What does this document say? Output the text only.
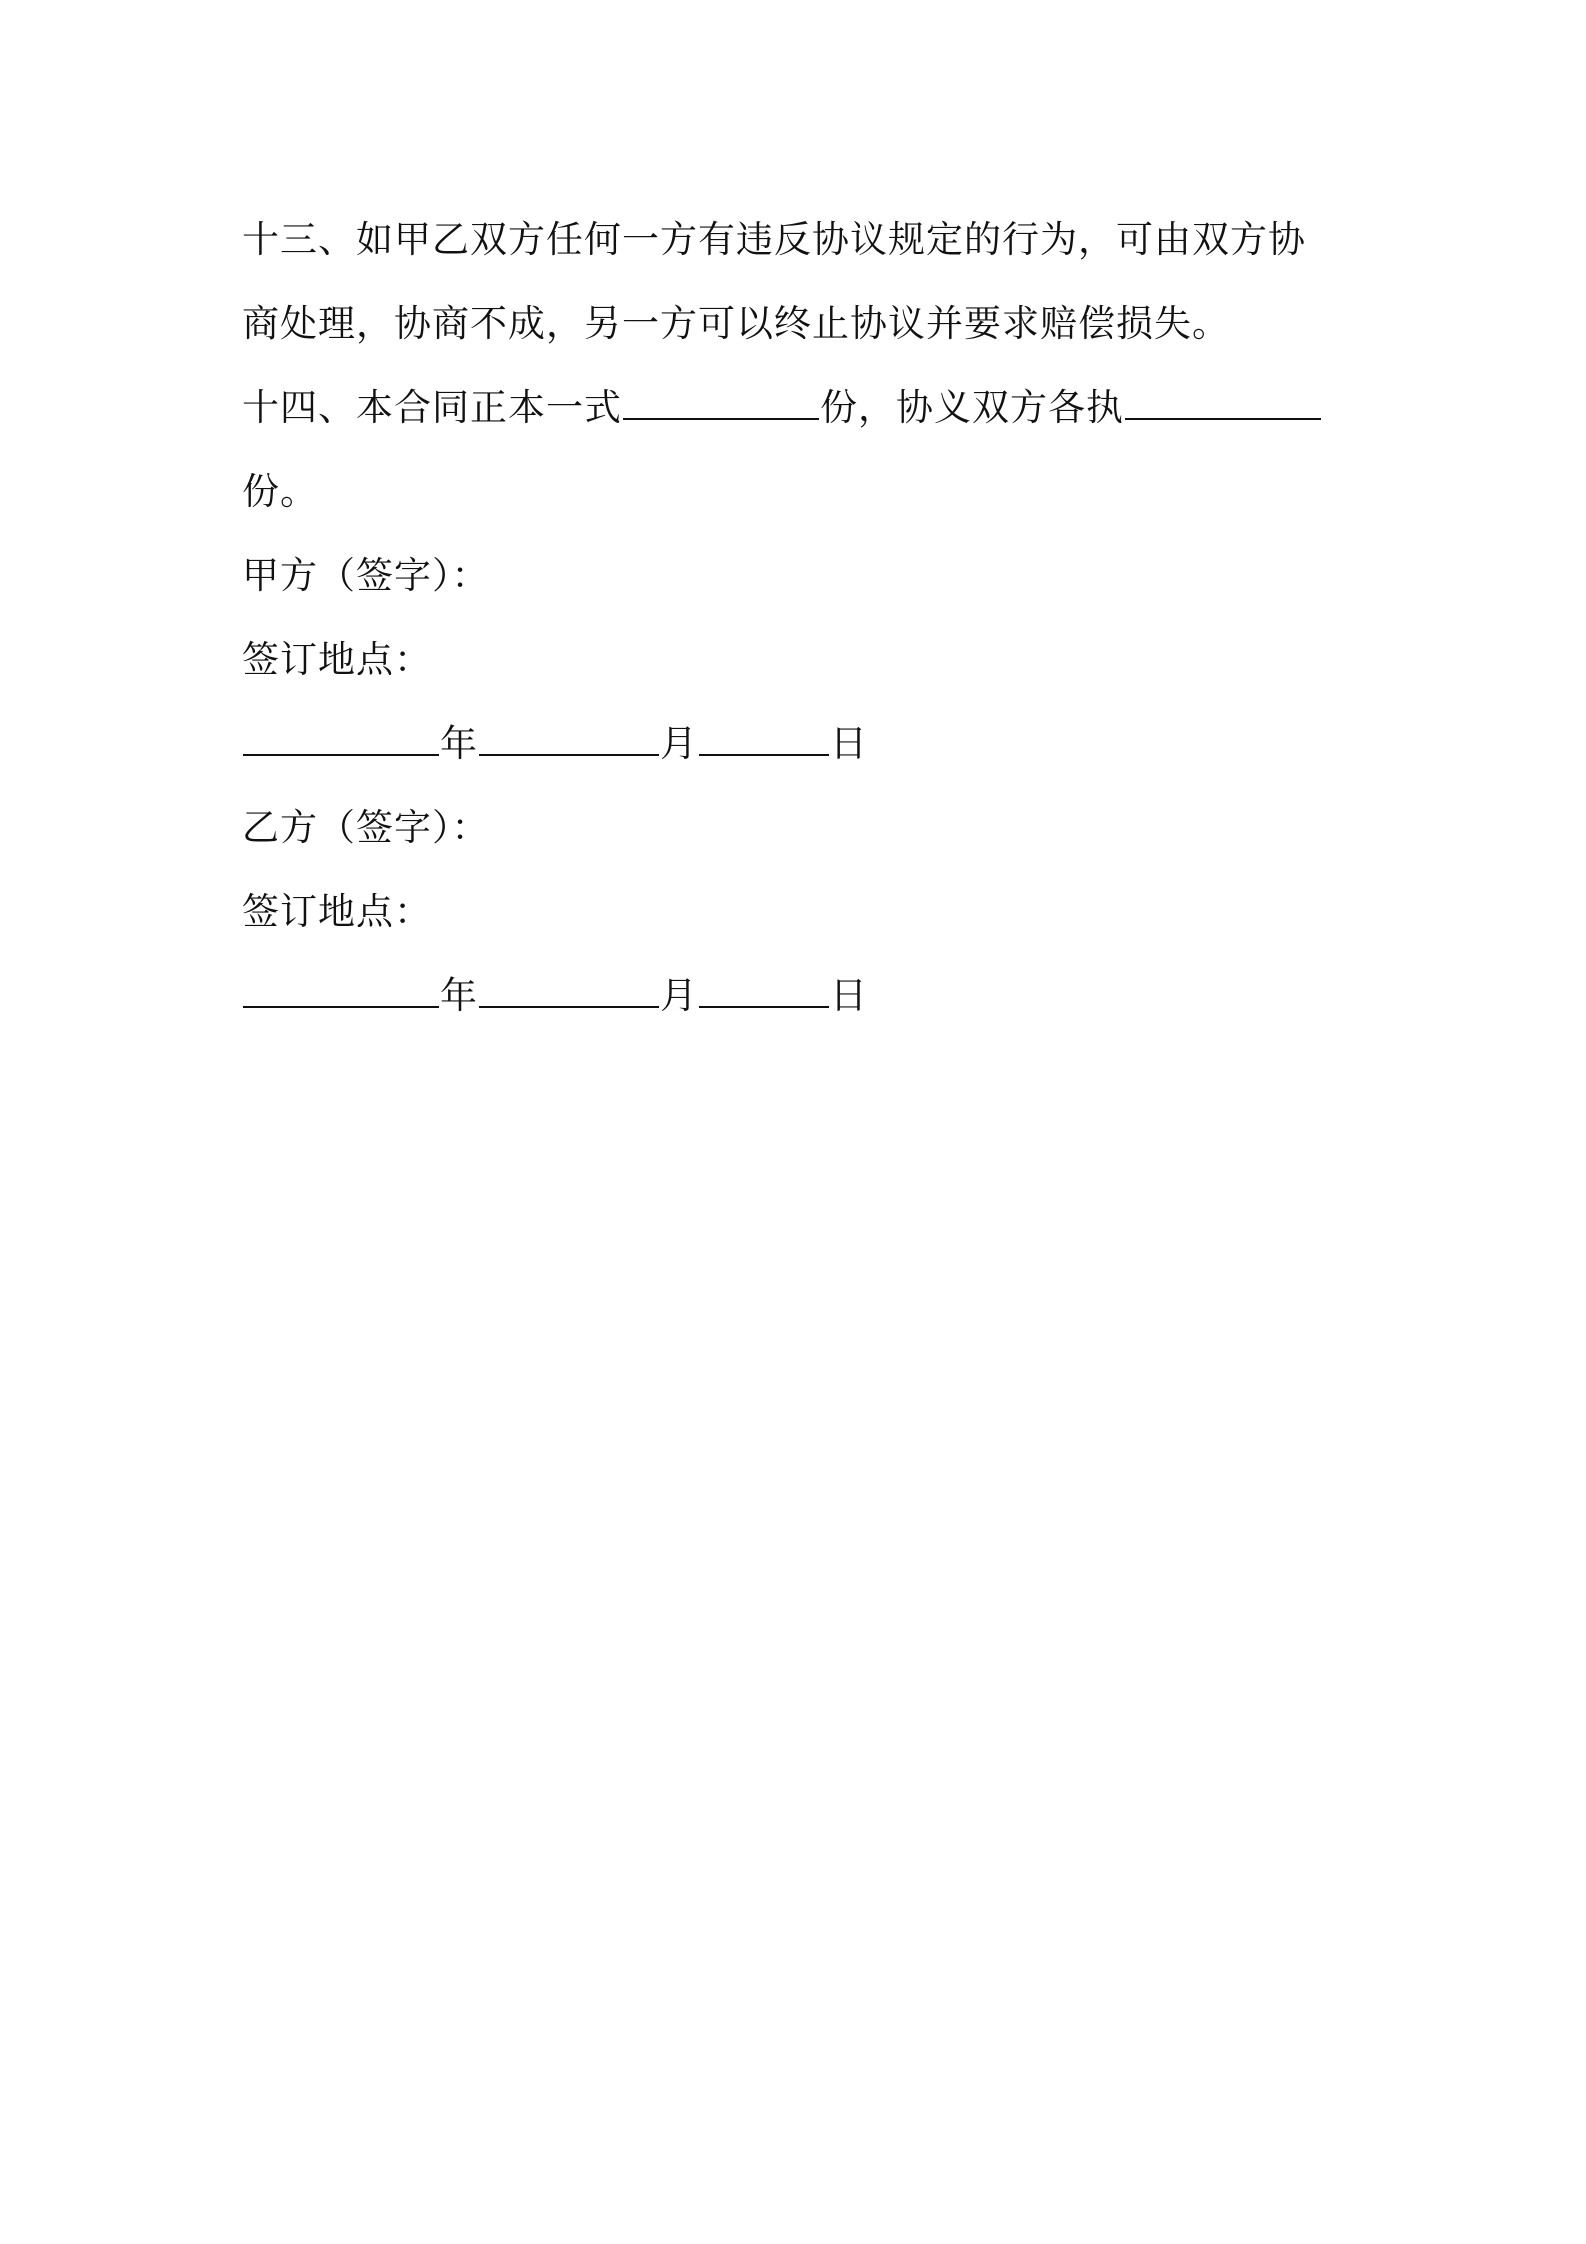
十三、如甲乙双方任何一方有违反协议规定的行为，可由双方协
商处理，协商不成，另一方可以终止协议并要求赔偿损失。
十四、本合同正本一式	份，协义双方各执
份。
甲方（签字）：
签订地点：
年	月	日
乙方（签字）：
签订地点：
年	月	日
